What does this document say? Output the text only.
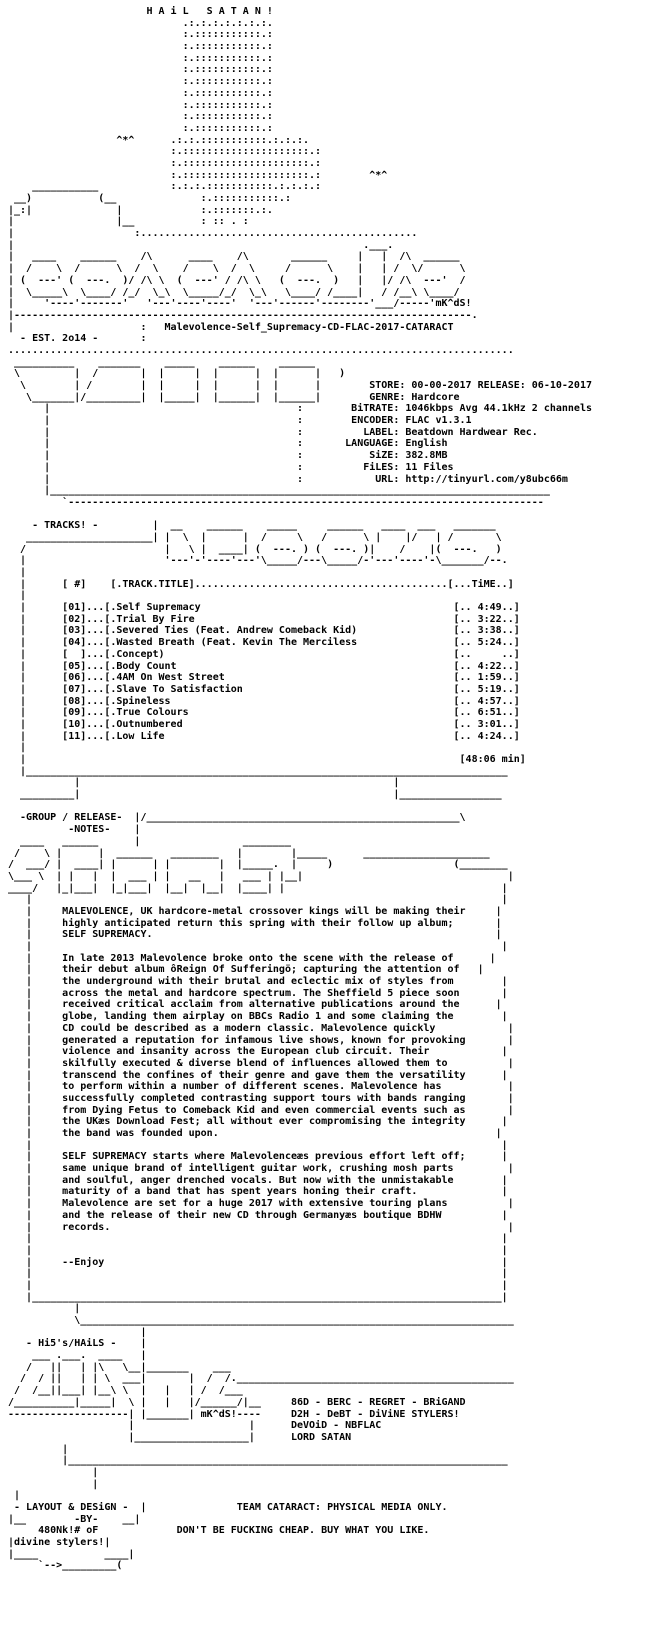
H A i L   S A T A N !
.:.:.:.:.:.:.:.
:.:::::::::::.:
:.:::::::::::.:
:.:::::::::::.:
:.:::::::::::.:
:.:::::::::::.:
:.:::::::::::.:
:.:::::::::::.:
:.:::::::::::.:
:.:::::::::::.:
^*^      .:.:.:::::::::::.:.:.:.
:.:::::::::::::::::::::.:
:.:::::::::::::::::::::.:
:.:::::::::::::::::::::.:        ^*^
___________            :.:.:.:::::::::::.:.:.:.:
__)           (__              :.:::::::::::.:
|_:|              |             :.:::::::.:.
|                 |__           : :: . :
|                    :..............................................
|                                                          .___.
|   ____    ______    /\      ____    /\       ______     |   |  /\  ______
|  /    \  /      \  /  \    /    \  /  \     /      \    |   | /  \/      \
| (  ---' (  ---.  )/ /\ \  (  ---' / /\ \   (  ---.  )   |   |/ /\  ---'  /
|  \_____\  \____/ /_/  \_\  \_____/_/  \_\   \____/ /____|   / /__\ \____/
|     '----'-------'   '---'----'----'  '---'------'--------'___/-----'mK^dS!
|----------------------------------------------------------------------------.
|                     :   Malevolence-Self_Supremacy-CD-FLAC-2017-CATARACT
- EST. 2o14 -       :
....................................................................................
__________    _______    _____    ______    ______
\         |  /       |  |     |  |      |  |      |   )
\        | /        |  |     |  |      |  |      |        STORE: 00-00-2017 RELEASE: 06-10-2017
\_______|/_________|  |_____|  |______|  |______|        GENRE: Hardcore
|                                         :        BiTRATE: 1046kbps Avg 44.1kHz 2 channels
|                                         :        ENCODER: FLAC v1.3.1
|                                         :          LABEL: Beatdown Hardwear Rec.
|                                         :       LANGUAGE: English
|                                         :           SiZE: 382.8MB
|                                         :          FiLES: 11 Files
|                                         :            URL: http://tinyurl.com/y8ubc66m
|___________________________________________________________________________________
`-------------------------------------------------------------------------------
- TRACKS! -         |  __    ______    _____     ______   ____  ___   _______
_____________________| |  \  |      |  /     \   /      \ |    |/   | /       \
/                       |   \ |  ____| (  ---. ) (  ---. )|    /    |(  ---.   )
|                       '---'-'----'---'\_____/---\_____/-'---'----'-\_______/--.
|
|      [ #]    [.TRACK.TITLE]..........................................[...TiME..]
|
|      [01]...[.Self Supremacy                                          [.. 4:49..]
|      [02]...[.Trial By Fire                                           [.. 3:22..]
|      [03]...[.Severed Ties (Feat. Andrew Comeback Kid)                [.. 3:38..]
|      [04]...[.Wasted Breath (Feat. Kevin The Merciless                [.. 5:24..]
|      [  ]...[.Concept)                                                [..     ..]
|      [05]...[.Body Count                                              [.. 4:22..]
|      [06]...[.4AM On West Street                                      [.. 1:59..]
|      [07]...[.Slave To Satisfaction                                   [.. 5:19..]
|      [08]...[.Spineless                                               [.. 4:57..]
|      [09]...[.True Colours                                            [.. 6:51..]
|      [10]...[.Outnumbered                                             [.. 3:01..]
|      [11]...[.Low Life                                                [.. 4:24..]
|
|                                                                        [48:06 min]
|________________________________________________________________________________
|                                                    |
_________|                                                    |_________________

-GROUP / RELEASE-  |/____________________________________________________\
-NOTES-    |
____   ______      |                 ________
/    \ |      |  ______   ________   |        |_____      _____________________
/  ___/ |  ____| |      | |        |  |_____.  |     )                    (________
\___ \  | |   |  |  ___ | |   __   |   ___ | |__|                                  |
____/   |_|___|  |_|___|  |__|  |__|  |____| |                                    |
|                                                                              |
|     MALEVOLENCE, UK hardcore-metal crossover kings will be making their     |
|     highly anticipated return this spring with their follow up album;       |
|     SELF SUPREMACY.                                                         |
|                                                                              |
|     In late 2013 Malevolence broke onto the scene with the release of      |
|     their debut album ôReign Of Sufferingö; capturing the attention of   |
|     the underground with their brutal and eclectic mix of styles from        |
|     across the metal and hardcore spectrum. The Sheffield 5 piece soon       |
|     received critical acclaim from alternative publications around the      |
|     globe, landing them airplay on BBCs Radio 1 and some claiming the        |
|     CD could be described as a modern classic. Malevolence quickly            |
|     generated a reputation for infamous live shows, known for provoking       |
|     violence and insanity across the European club circuit. Their            |
|     skilfully executed & diverse blend of influences allowed them to          |
|     transcend the confines of their genre and gave them the versatility      |
|     to perform within a number of different scenes. Malevolence has           |
|     successfully completed contrasting support tours with bands ranging       |
|     from Dying Fetus to Comeback Kid and even commercial events such as       |
|     the UKæs Download Fest; all without ever compromising the integrity      |
|     the band was founded upon.                                              |
|                                                                              |
|     SELF SUPREMACY starts where Malevolenceæs previous effort left off;      |
|     same unique brand of intelligent guitar work, crushing mosh parts         |
|     and soulful, anger drenched vocals. But now with the unmistakable        |
|     maturity of a band that has spent years honing their craft.              |
|     Malevolence are set for a huge 2017 with extensive touring plans          |
|     and the release of their new CD through Germanyæs boutique BDHW          |
|     records.                                                                  |
|                                                                              |
|                                                                              |
|     --Enjoy                                                                  |
|                                                                              |
|                                                                              |
|______________________________________________________________________________|
|
\________________________________________________________________________
|
- Hi5's/HAiLS -    |
___ .___.  ____   |
/   ||   | |\   \__|_______    ___
/  / ||   | | \  ___|       |  /  /.______________________________________________
/  /__||___| |__\ \  |   |   | /  /___
/__________|_____|  \ |   |   |/______/|__     86D - BERC - REGRET - BRiGAND
--------------------| |_______| mK^dS!----     D2H - DeBT - DiViNE STYLERS!
|                   |      DeVOiD - NBFLAC
|___________________|      LORD SATAN
|
|_________________________________________________________________________
|
|
|
- LAYOUT & DESiGN -  |               TEAM CATARACT: PHYSICAL MEDIA ONLY.
|__        -BY-    __|
480Nk!# oF             DON'T BE FUCKING CHEAP. BUY WHAT YOU LIKE.
|divine stylers!|
|____           ____|
`-->_________(
